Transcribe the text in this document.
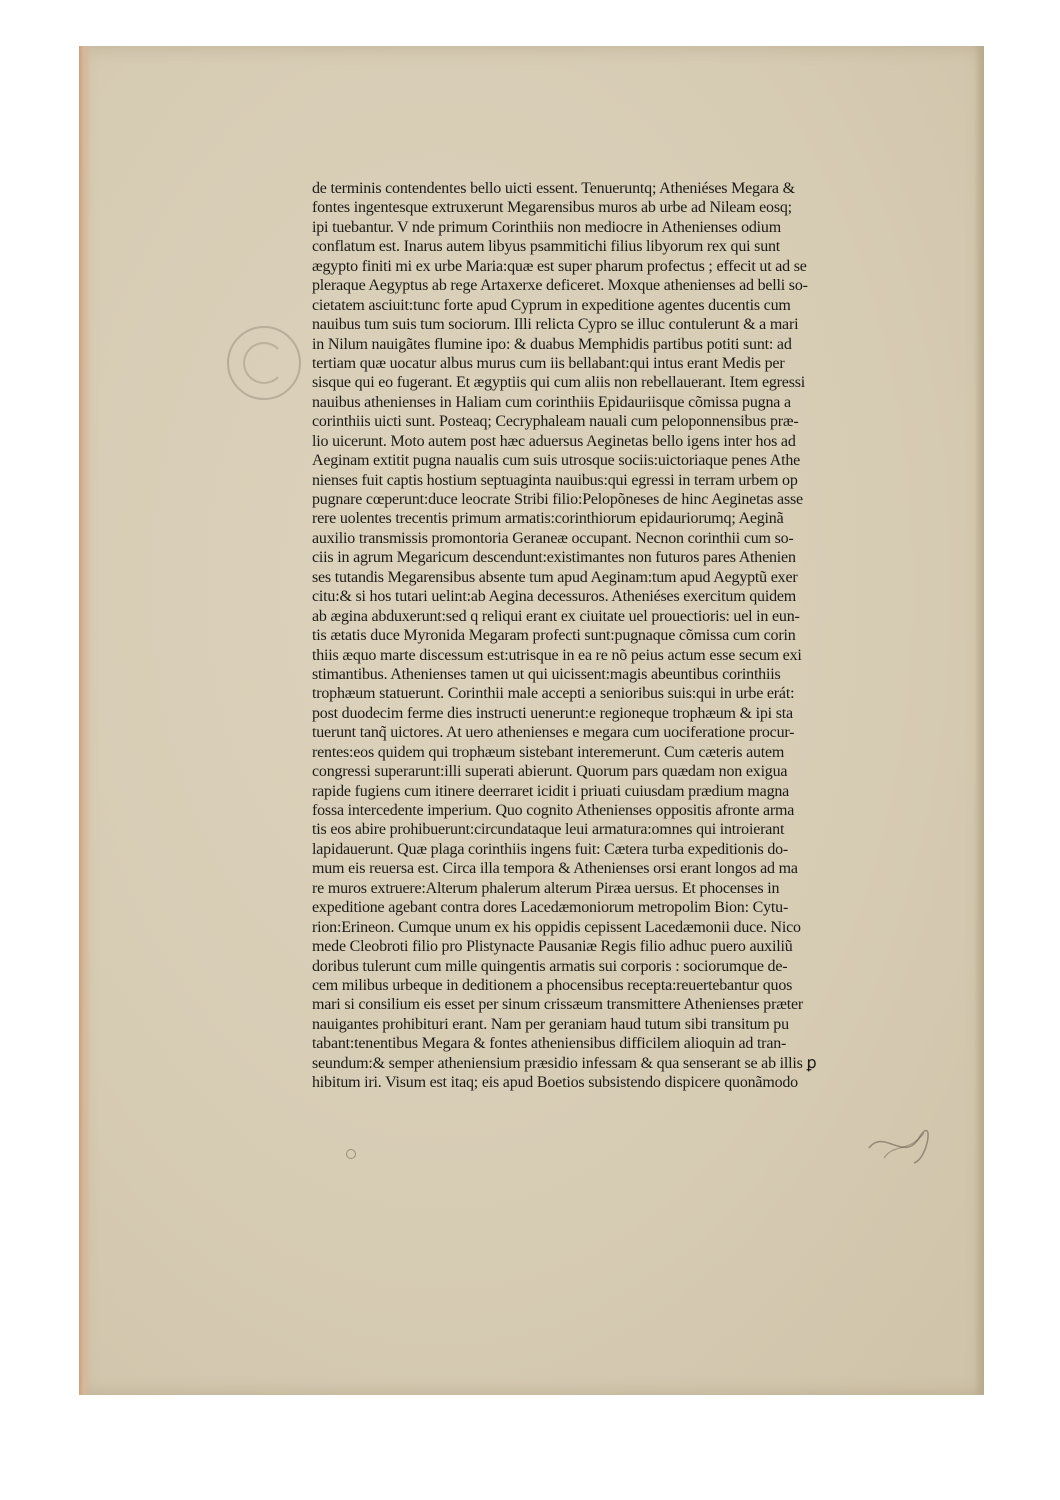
de terminis contendentes bello uicti essent. Tenueruntq; Atheniéses Megara &
fontes ingentesque extruxerunt Megarensibus muros ab urbe ad Nileam eosq;
ipi tuebantur. V nde primum Corinthiis non mediocre in Athenienses odium
conflatum est. Inarus autem libyus psammitichi filius libyorum rex qui sunt
ægypto finiti mi ex urbe Maria:quæ est super pharum profectus ; effecit ut ad se
pleraque Aegyptus ab rege Artaxerxe deficeret. Moxque athenienses ad belli so-
cietatem asciuit:tunc forte apud Cyprum in expeditione agentes ducentis cum
nauibus tum suis tum sociorum. Illi relicta Cypro se illuc contulerunt & a mari
in Nilum nauigãtes flumine ipo: & duabus Memphidis partibus potiti sunt: ad
tertiam quæ uocatur albus murus cum iis bellabant:qui intus erant Medis per
sisque qui eo fugerant. Et ægyptiis qui cum aliis non rebellauerant. Item egressi
nauibus athenienses in Haliam cum corinthiis Epidauriisque cõmissa pugna a
corinthiis uicti sunt. Posteaq; Cecryphaleam nauali cum peloponnensibus præ-
lio uicerunt. Moto autem post hæc aduersus Aeginetas bello igens inter hos ad
Aeginam extitit pugna naualis cum suis utrosque sociis:uictoriaque penes Athe
nienses fuit captis hostium septuaginta nauibus:qui egressi in terram urbem op
pugnare cœperunt:duce leocrate Stribi filio:Pelopõneses de hinc Aeginetas asse
rere uolentes trecentis primum armatis:corinthiorum epidauriorumq; Aeginã
auxilio transmissis promontoria Geraneæ occupant. Necnon corinthii cum so-
ciis in agrum Megaricum descendunt:existimantes non futuros pares Athenien
ses tutandis Megarensibus absente tum apud Aeginam:tum apud Aegyptũ exer
citu:& si hos tutari uelint:ab Aegina decessuros. Atheniéses exercitum quidem
ab ægina abduxerunt:sed q reliqui erant ex ciuitate uel prouectioris: uel in eun-
tis ætatis duce Myronida Megaram profecti sunt:pugnaque cõmissa cum corin
thiis æquo marte discessum est:utrisque in ea re nõ peius actum esse secum exi
stimantibus. Athenienses tamen ut qui uicissent:magis abeuntibus corinthiis
trophæum statuerunt. Corinthii male accepti a senioribus suis:qui in urbe erát:
post duodecim ferme dies instructi uenerunt:e regioneque trophæum & ipi sta
tuerunt tanq̃ uictores. At uero athenienses e megara cum uociferatione procur-
rentes:eos quidem qui trophæum sistebant interemerunt. Cum cæteris autem
congressi superarunt:illi superati abierunt. Quorum pars quædam non exigua
rapide fugiens cum itinere deerraret icidit i priuati cuiusdam prædium magna
fossa intercedente imperium. Quo cognito Athenienses oppositis afronte arma
tis eos abire prohibuerunt:circundataque leui armatura:omnes qui introierant
lapidauerunt. Quæ plaga corinthiis ingens fuit: Cætera turba expeditionis do-
mum eis reuersa est. Circa illa tempora & Athenienses orsi erant longos ad ma
re muros extruere:Alterum phalerum alterum Piræa uersus. Et phocenses in
expeditione agebant contra dores Lacedæmoniorum metropolim Bion: Cytu-
rion:Erineon. Cumque unum ex his oppidis cepissent Lacedæmonii duce. Nico
mede Cleobroti filio pro Plistynacte Pausaniæ Regis filio adhuc puero auxiliũ
doribus tulerunt cum mille quingentis armatis sui corporis : sociorumque de-
cem milibus urbeque in deditionem a phocensibus recepta:reuertebantur quos
mari si consilium eis esset per sinum crissæum transmittere Athenienses præter
nauigantes prohibituri erant. Nam per geraniam haud tutum sibi transitum pu
tabant:tenentibus Megara & fontes atheniensibus difficilem alioquin ad tran-
seundum:& semper atheniensium præsidio infessam & qua senserant se ab illis ꝑ
hibitum iri. Visum est itaq; eis apud Boetios subsistendo dispicere quonãmodo
